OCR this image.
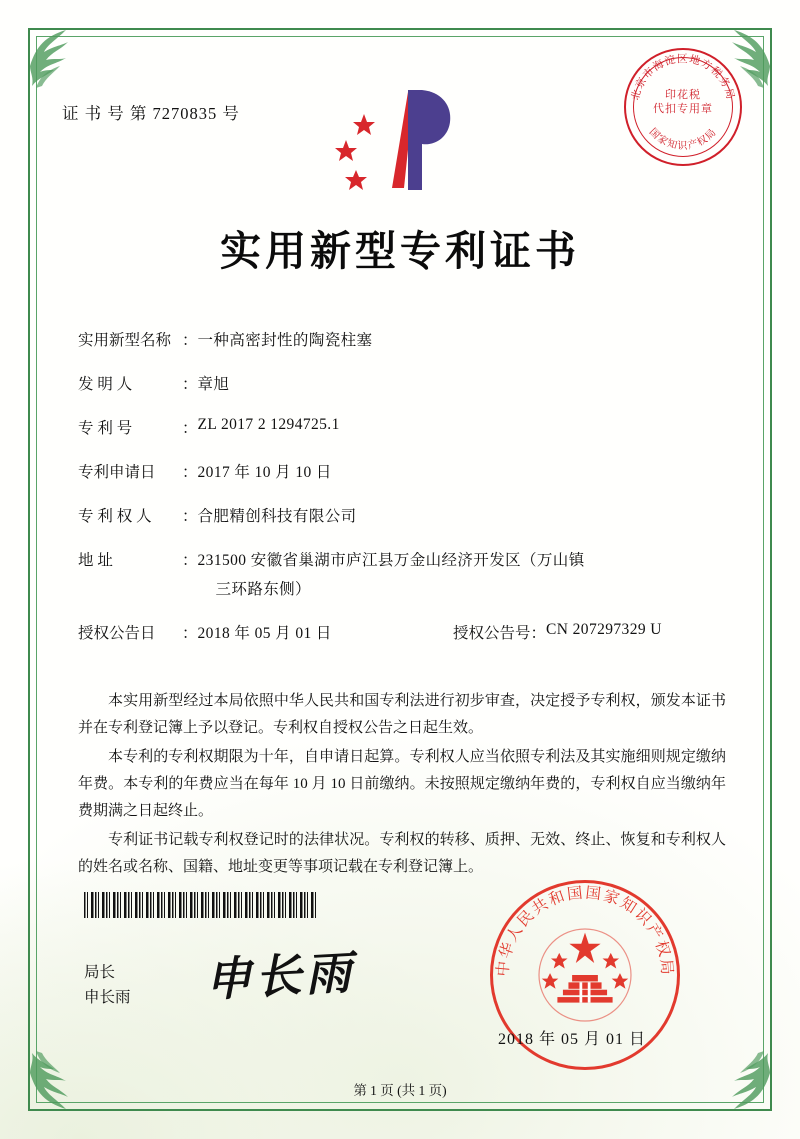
证 书 号 第 7270835 号
北京市海淀区地方税务局
国家知识产权局
印花税
代扣专用章
实用新型专利证书
实用新型名称 ： 一种高密封性的陶瓷柱塞
发 明 人	： 章旭
专 利 号	： ZL 2017 2 1294725.1
专利申请日	： 2017 年 10 月 10 日
专 利 权 人	： 合肥精创科技有限公司
地 址	： 231500 安徽省巢湖市庐江县万金山经济开发区（万山镇
三环路东侧）
授权公告日	： 2018 年 05 月 01 日	授权公告号 ： CN 207297329 U

本实用新型经过本局依照中华人民共和国专利法进行初步审查，决定授予专利权，颁发本证书并在专利登记簿上予以登记。专利权自授权公告之日起生效。

本专利的专利权期限为十年，自申请日起算。专利权人应当依照专利法及其实施细则规定缴纳年费。本专利的年费应当在每年 10 月 10 日前缴纳。未按照规定缴纳年费的，专利权自应当缴纳年费期满之日起终止。

专利证书记载专利权登记时的法律状况。专利权的转移、质押、无效、终止、恢复和专利权人的姓名或名称、国籍、地址变更等事项记载在专利登记簿上。

局长
申长雨 申长雨	中华人民共和国国家知识产权局
2018 年 05 月 01 日
第 1 页 (共 1 页)
